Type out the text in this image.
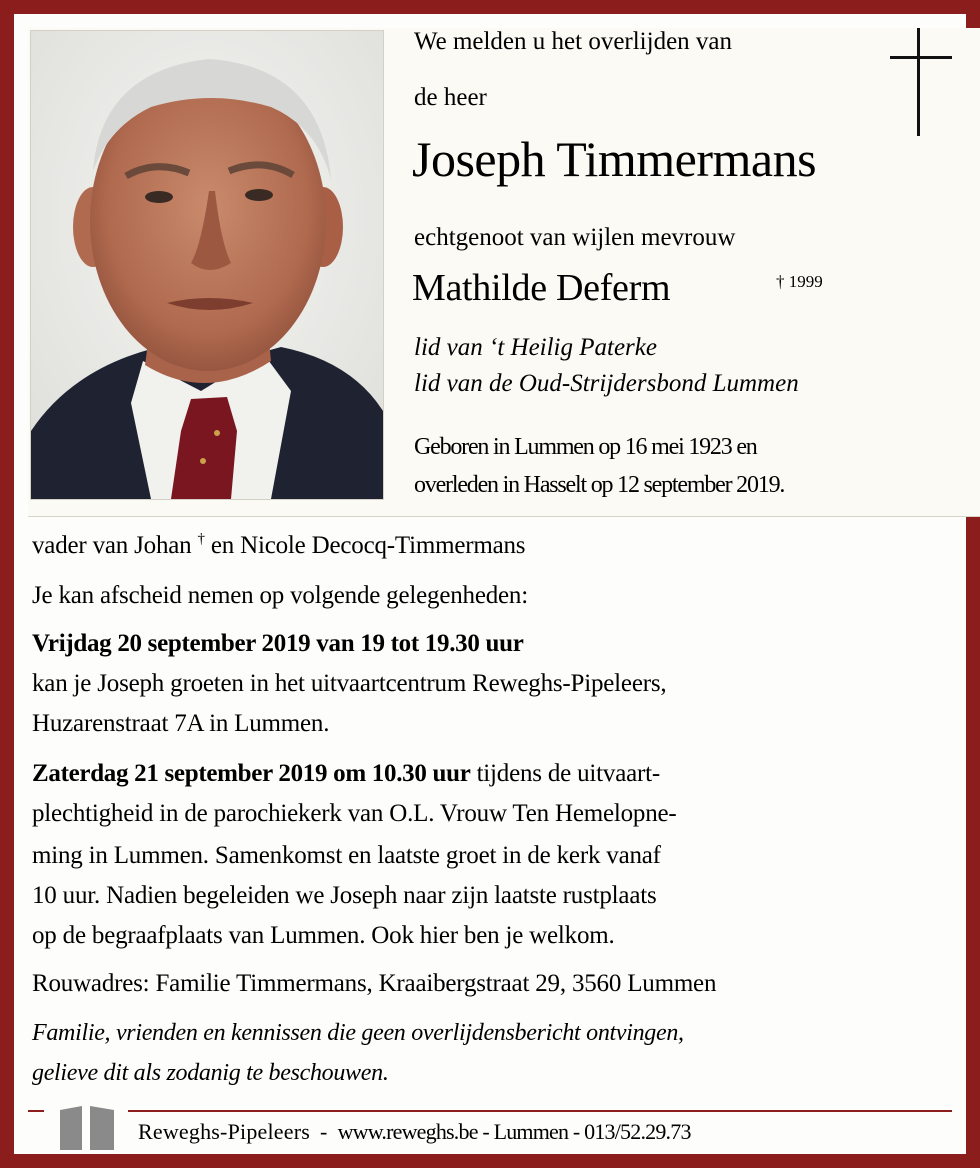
We melden u het overlijden van
de heer
Joseph Timmermans
echtgenoot van wijlen mevrouw
Mathilde Deferm	† 1999
lid van ‘t Heilig Paterke
lid van de Oud-Strijdersbond Lummen
Geboren in Lummen op 16 mei 1923 en
overleden in Hasselt op 12 september 2019.
vader van Johan † en Nicole Decocq-Timmermans
Je kan afscheid nemen op volgende gelegenheden:
Vrijdag 20 september 2019 van 19 tot 19.30 uur
kan je Joseph groeten in het uitvaartcentrum Reweghs-Pipeleers,
Huzarenstraat 7A in Lummen.
Zaterdag 21 september 2019 om 10.30 uur tijdens de uitvaart-
plechtigheid in de parochiekerk van O.L. Vrouw Ten Hemelopne-
ming in Lummen. Samenkomst en laatste groet in de kerk vanaf
10 uur. Nadien begeleiden we Joseph naar zijn laatste rustplaats
op de begraafplaats van Lummen. Ook hier ben je welkom.
Rouwadres: Familie Timmermans, Kraaibergstraat 29, 3560 Lummen
Familie, vrienden en kennissen die geen overlijdensbericht ontvingen,
gelieve dit als zodanig te beschouwen.
Reweghs-Pipeleers - www.reweghs.be - Lummen - 013/52.29.73
